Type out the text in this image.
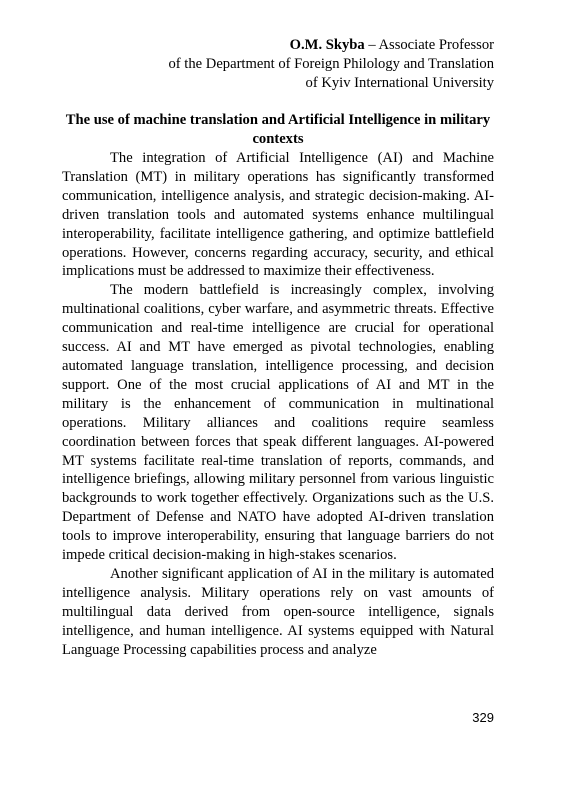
O.M. Skyba – Associate Professor
of the Department of Foreign Philology and Translation
of Kyiv International University
The use of machine translation and Artificial Intelligence in military contexts

The integration of Artificial Intelligence (AI) and Machine Translation (MT) in military operations has significantly transformed communication, intelligence analysis, and strategic decision-making. AI-driven translation tools and automated systems enhance multilingual interoperability, facilitate intelligence gathering, and optimize battlefield operations. However, concerns regarding accuracy, security, and ethical implications must be addressed to maximize their effectiveness.

The modern battlefield is increasingly complex, involving multinational coalitions, cyber warfare, and asymmetric threats. Effective communication and real-time intelligence are crucial for operational success. AI and MT have emerged as pivotal technologies, enabling automated language translation, intelligence processing, and decision support. One of the most crucial applications of AI and MT in the military is the enhancement of communication in multinational operations. Military alliances and coalitions require seamless coordination between forces that speak different languages. AI-powered MT systems facilitate real-time translation of reports, commands, and intelligence briefings, allowing military personnel from various linguistic backgrounds to work together effectively. Organizations such as the U.S. Department of Defense and NATO have adopted AI-driven translation tools to improve interoperability, ensuring that language barriers do not impede critical decision-making in high-stakes scenarios.

Another significant application of AI in the military is automated intelligence analysis. Military operations rely on vast amounts of multilingual data derived from open-source intelligence, signals intelligence, and human intelligence. AI systems equipped with Natural Language Processing capabilities process and analyze

329
